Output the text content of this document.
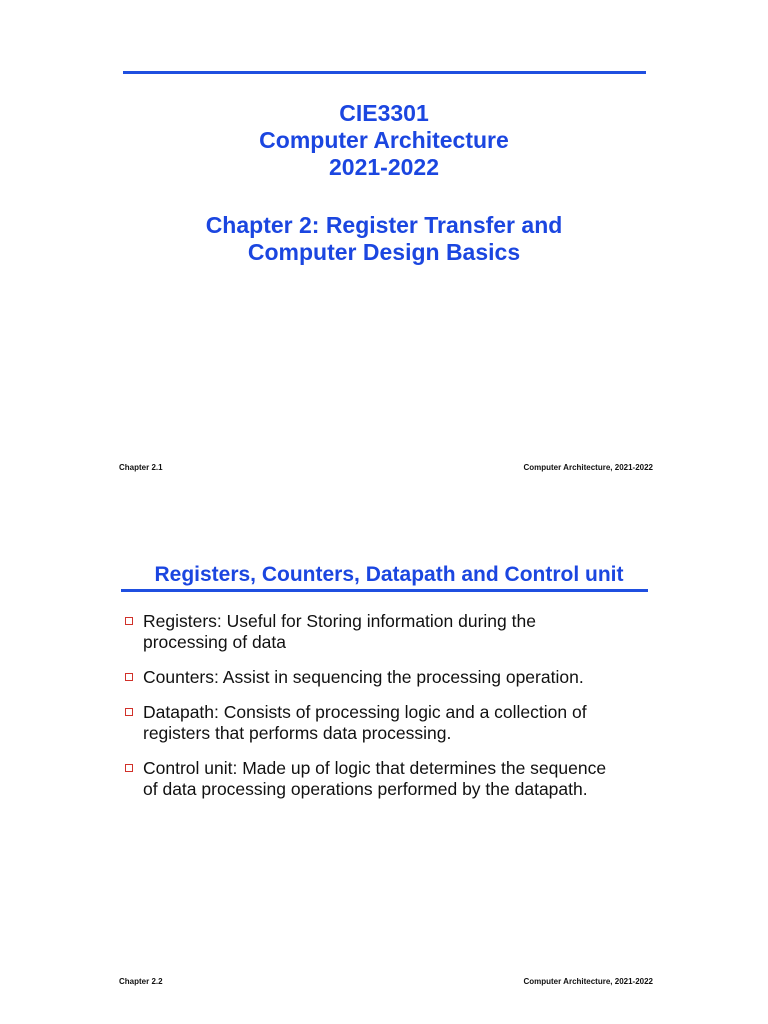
CIE3301
Computer Architecture
2021-2022
Chapter 2: Register Transfer and
Computer Design Basics
Chapter 2.1	Computer Architecture, 2021-2022
Registers, Counters, Datapath and Control unit
Registers: Useful for Storing information during the
processing of data
Counters: Assist in sequencing the processing operation.
Datapath: Consists of processing logic and a collection of
registers that performs data processing.
Control unit: Made up of logic that determines the sequence
of data processing operations performed by the datapath.
Chapter 2.2	Computer Architecture, 2021-2022
